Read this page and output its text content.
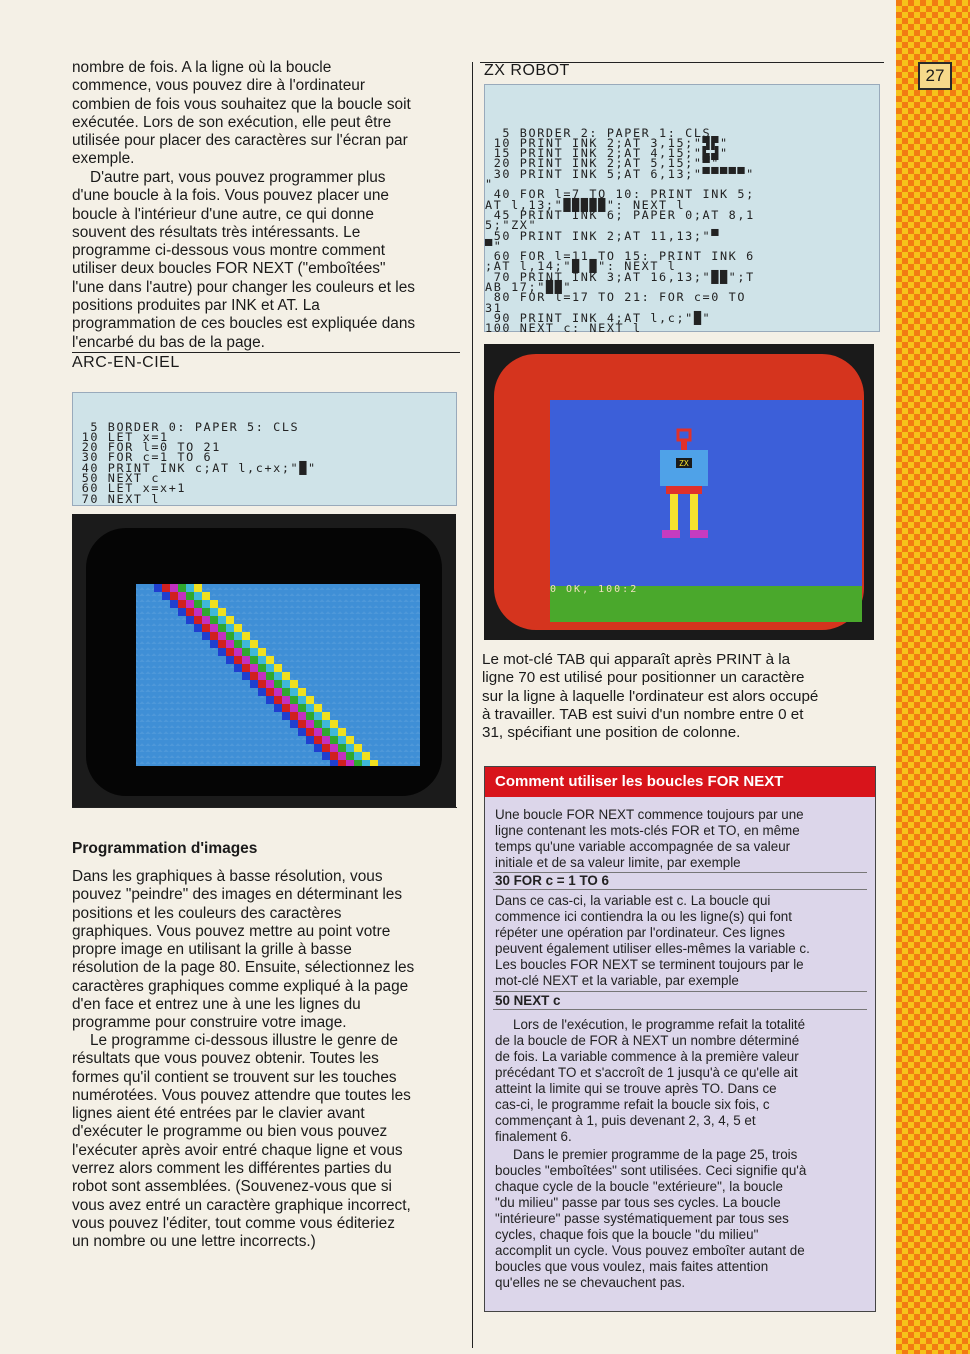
27

nombre de fois. A la ligne où la boucle
commence, vous pouvez dire à l'ordinateur
combien de fois vous souhaitez que la boucle soit
exécutée. Lors de son exécution, elle peut être
utilisée pour placer des caractères sur l'écran par
exemple.

D'autre part, vous pouvez programmer plus
d'une boucle à la fois. Vous pouvez placer une
boucle à l'intérieur d'une autre, ce qui donne
souvent des résultats très intéressants. Le
programme ci-dessous vous montre comment
utiliser deux boucles FOR NEXT ("emboîtées"
l'une dans l'autre) pour changer les couleurs et les
positions produites par INK et AT. La
programmation de ces boucles est expliquée dans
l'encarbé du bas de la page.

ARC-EN-CIEL

5 BORDER 0: PAPER 5: CLS
10 LET x=1
20 FOR l=0 TO 21
30 FOR c=1 TO 6
40 PRINT INK c;AT l,c+x;"█"
50 NEXT c
60 LET x=x+1
70 NEXT l

Programmation d'images

Dans les graphiques à basse résolution, vous
pouvez "peindre" des images en déterminant les
positions et les couleurs des caractères
graphiques. Vous pouvez mettre au point votre
propre image en utilisant la grille à basse
résolution de la page 80. Ensuite, sélectionnez les
caractères graphiques comme expliqué à la page
d'en face et entrez une à une les lignes du
programme pour construire votre image.

Le programme ci-dessous illustre le genre de
résultats que vous pouvez obtenir. Toutes les
formes qu'il contient se trouvent sur les touches
numérotées. Vous pouvez attendre que toutes les
lignes aient été entrées par le clavier avant
d'exécuter le programme ou bien vous pouvez
l'exécuter après avoir entré chaque ligne et vous
verrez alors comment les différentes parties du
robot sont assemblées. (Souvenez-vous que si
vous avez entré un caractère graphique incorrect,
vous pouvez l'éditer, tout comme vous éditeriez
un nombre ou une lettre incorrects.)

ZX ROBOT

5 BORDER 2: PAPER 1: CLS
10 PRINT INK 2;AT 3,15;"▜▛"
15 PRINT INK 2;AT 4,15;"▙▟"
20 PRINT INK 2;AT 5,15;"▀"
30 PRINT INK 5;AT 6,13;"▀▀▀▀▀"
"
40 FOR l=7 TO 10: PRINT INK 5;
AT l,13;"█████": NEXT l
45 PRINT INK 6; PAPER 0;AT 8,1
5;"ZX"
50 PRINT INK 2;AT 11,13;"▀
▀"
60 FOR l=11 TO 15: PRINT INK 6
;AT l,14;"█ █": NEXT l
70 PRINT INK 3;AT 16,13;"██";T
AB 17;"██"
80 FOR l=17 TO 21: FOR c=0 TO
31
90 PRINT INK 4;AT l,c;"█"
100 NEXT c: NEXT l

ZX
0 OK, 100:2

Le mot-clé TAB qui apparaît après PRINT à la
ligne 70 est utilisé pour positionner un caractère
sur la ligne à laquelle l'ordinateur est alors occupé
à travailler. TAB est suivi d'un nombre entre 0 et
31, spécifiant une position de colonne.

Comment utiliser les boucles FOR NEXT

Une boucle FOR NEXT commence toujours par une
ligne contenant les mots-clés FOR et TO, en même
temps qu'une variable accompagnée de sa valeur
initiale et de sa valeur limite, par exemple

30 FOR c = 1 TO 6

Dans ce cas-ci, la variable est c. La boucle qui
commence ici contiendra la ou les ligne(s) qui font
répéter une opération par l'ordinateur. Ces lignes
peuvent également utiliser elles-mêmes la variable c.
Les boucles FOR NEXT se terminent toujours par le
mot-clé NEXT et la variable, par exemple

50 NEXT c

Lors de l'exécution, le programme refait la totalité
de la boucle de FOR à NEXT un nombre déterminé
de fois. La variable commence à la première valeur
précédant TO et s'accroît de 1 jusqu'à ce qu'elle ait
atteint la limite qui se trouve après TO. Dans ce
cas-ci, le programme refait la boucle six fois, c
commençant à 1, puis devenant 2, 3, 4, 5 et
finalement 6.

Dans le premier programme de la page 25, trois
boucles "emboîtées" sont utilisées. Ceci signifie qu'à
chaque cycle de la boucle "extérieure", la boucle
"du milieu" passe par tous ses cycles. La boucle
"intérieure" passe systématiquement par tous ses
cycles, chaque fois que la boucle "du milieu"
accomplit un cycle. Vous pouvez emboîter autant de
boucles que vous voulez, mais faites attention
qu'elles ne se chevauchent pas.
